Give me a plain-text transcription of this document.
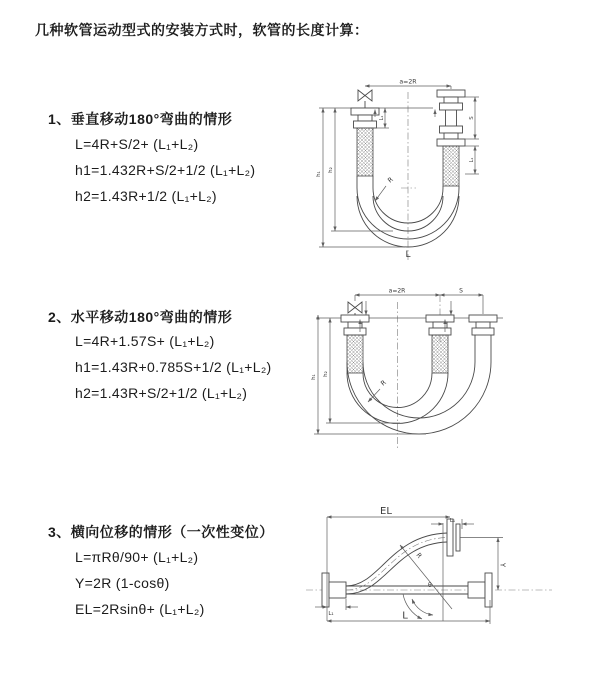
几种软管运动型式的安装方式时，软管的长度计算：
1、垂直移动180°弯曲的情形
L=4R+S/2+ (L₁+L₂)
h1=1.432R+S/2+1/2 (L₁+L₂)
h2=1.43R+1/2 (L₁+L₂)
2、水平移动180°弯曲的情形
L=4R+1.57S+ (L₁+L₂)
h1=1.43R+0.785S+1/2 (L₁+L₂)
h2=1.43R+S/2+1/2 (L₁+L₂)
3、横向位移的情形（一次性变位）
L=πRθ/90+ (L₁+L₂)
Y=2R (1-cosθ)
EL=2Rsinθ+ (L₁+L₂)
a=2R
h₁
h₂
L₁	S
L₁
R
L
a=2R	S
h₁
h₂
R
EL
L₁
Y
θ
R
L
L₁
